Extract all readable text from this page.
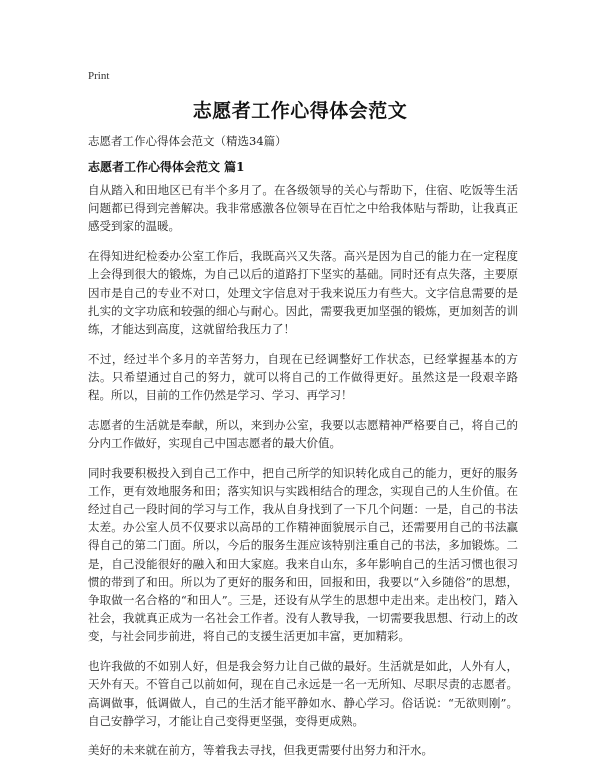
Print
志愿者工作心得体会范文
志愿者工作心得体会范文（精选34篇）
志愿者工作心得体会范文 篇1

自从踏入和田地区已有半个多月了。在各级领导的关心与帮助下，住宿、吃饭等生活问题都已得到完善解决。我非常感激各位领导在百忙之中给我体贴与帮助，让我真正感受到家的温暖。

在得知进纪检委办公室工作后，我既高兴又失落。高兴是因为自己的能力在一定程度上会得到很大的锻炼，为自己以后的道路打下坚实的基础。同时还有点失落，主要原因市是自己的专业不对口，处理文字信息对于我来说压力有些大。文字信息需要的是扎实的文字功底和较强的细心与耐心。因此，需要我更加坚强的锻炼，更加刻苦的训练，才能达到高度，这就留给我压力了！

不过，经过半个多月的辛苦努力，自现在已经调整好工作状态，已经掌握基本的方法。只希望通过自己的努力，就可以将自己的工作做得更好。虽然这是一段艰辛路程。所以，目前的工作仍然是学习、学习、再学习！

志愿者的生活就是奉献，所以，来到办公室，我要以志愿精神严格要自己，将自己的分内工作做好，实现自己中国志愿者的最大价值。

同时我要积极投入到自己工作中，把自己所学的知识转化成自己的能力，更好的服务工作，更有效地服务和田；落实知识与实践相结合的理念，实现自己的人生价值。在经过自己一段时间的学习与工作，我从自身找到了一下几个问题：一是，自己的书法太差。办公室人员不仅要求以高昂的工作精神面貌展示自己，还需要用自己的书法赢得自己的第二门面。所以，今后的服务生涯应该特别注重自己的书法，多加锻炼。二是，自己没能很好的融入和田大家庭。我来自山东，多年影响自己的生活习惯也很习惯的带到了和田。所以为了更好的服务和田，回报和田，我要以“入乡随俗”的思想，争取做一名合格的“和田人”。三是，还设有从学生的思想中走出来。走出校门，踏入社会，我就真正成为一名社会工作者。没有人教导我，一切需要我思想、行动上的改变，与社会同步前进，将自己的支援生活更加丰富，更加精彩。

也许我做的不如别人好，但是我会努力让自己做的最好。生活就是如此，人外有人，天外有天。不管自己以前如何，现在自己永远是一名一无所知、尽职尽责的志愿者。高调做事，低调做人，自己的生活才能平静如水、静心学习。俗话说：“无欲则刚”。自己安静学习，才能让自己变得更坚强，变得更成熟。

美好的未来就在前方，等着我去寻找，但我更需要付出努力和汗水。
